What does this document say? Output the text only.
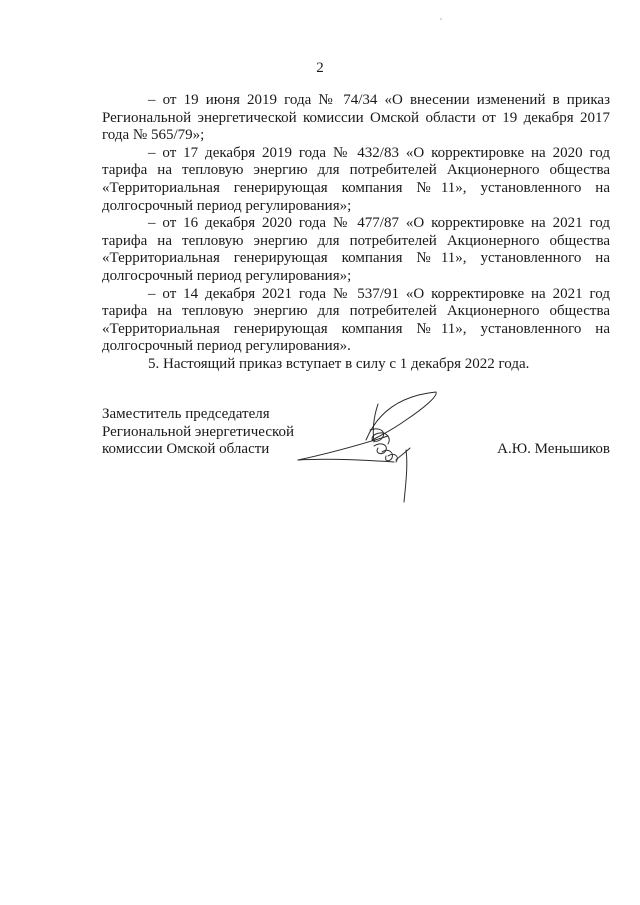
2

– от 19 июня 2019 года № 74/34 «О внесении изменений в приказ Региональной энергетической комиссии Омской области от 19 декабря 2017 года № 565/79»;

– от 17 декабря 2019 года № 432/83 «О корректировке на 2020 год тарифа на тепловую энергию для потребителей Акционерного общества «Территориальная генерирующая компания №11», установленного на долгосрочный период регулирования»;

– от 16 декабря 2020 года № 477/87 «О корректировке на 2021 год тарифа на тепловую энергию для потребителей Акционерного общества «Территориальная генерирующая компания №11», установленного на долгосрочный период регулирования»;

– от 14 декабря 2021 года № 537/91 «О корректировке на 2021 год тарифа на тепловую энергию для потребителей Акционерного общества «Территориальная генерирующая компания №11», установленного на долгосрочный период регулирования».

5. Настоящий приказ вступает в силу с 1 декабря 2022 года.

Заместитель председателя
Региональной энергетической
комиссии Омской области	А.Ю. Меньшиков
